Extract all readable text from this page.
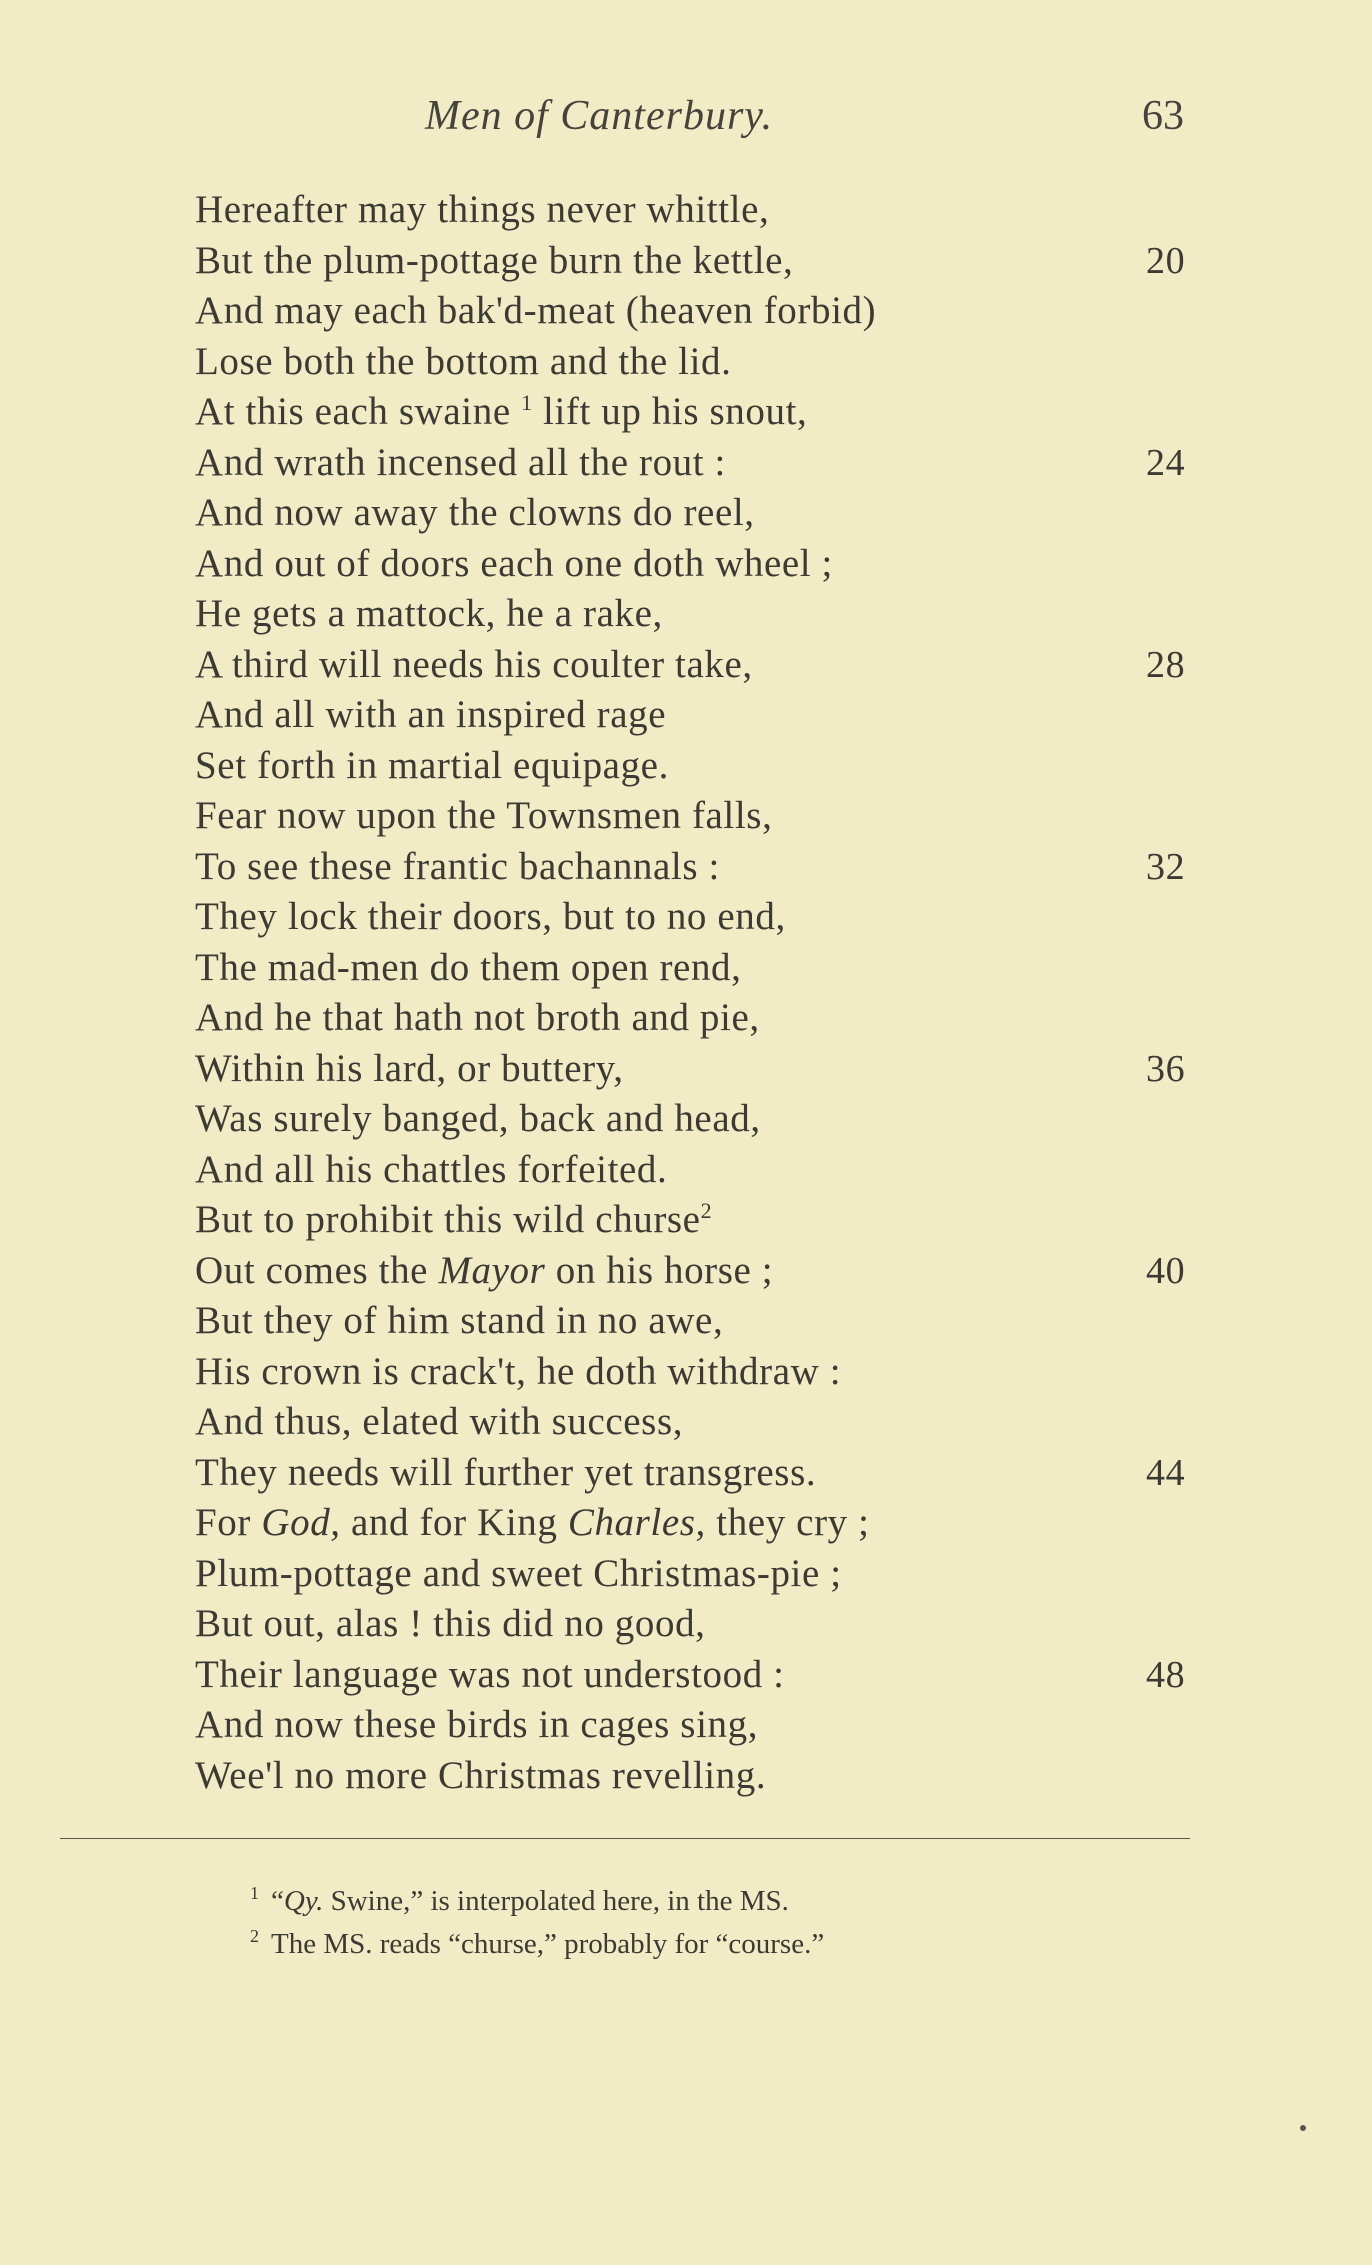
Men of Canterbury.	63
Hereafter may things never whittle,
But the plum-pottage burn the kettle,	20
And may each bak'd-meat (heaven forbid)
Lose both the bottom and the lid.
At this each swaine $^1$ lift up his snout,
And wrath incensed all the rout :	24
And now away the clowns do reel,
And out of doors each one doth wheel ;
He gets a mattock, he a rake,
A third will needs his coulter take,	28
And all with an inspired rage
Set forth in martial equipage.
Fear now upon the Townsmen falls,
To see these frantic bachannals :	32
They lock their doors, but to no end,
The mad-men do them open rend,
And he that hath not broth and pie,
Within his lard, or buttery,	36
Was surely banged, back and head,
And all his chattles forfeited.
But to prohibit this wild churse$^2$
Out comes the Mayor on his horse ;	40
But they of him stand in no awe,
His crown is crack't, he doth withdraw :
And thus, elated with success,
They needs will further yet transgress.	44
For God, and for King Charles, they cry ;
Plum-pottage and sweet Christmas-pie ;
But out, alas ! this did no good,
Their language was not understood :	48
And now these birds in cages sing,
Wee'l no more Christmas revelling.
$^1$ “Qy. Swine,” is interpolated here, in the MS.
$^2$ The MS. reads “churse,” probably for “course.”
